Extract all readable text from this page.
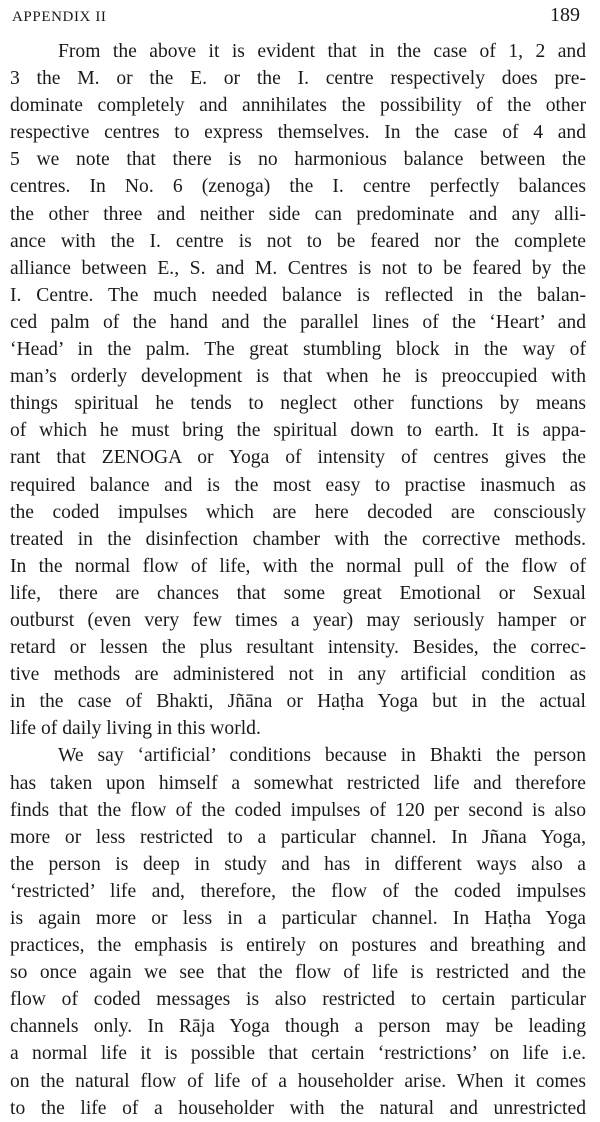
APPENDIX II	189
From the above it is evident that in the case of 1, 2 and
3 the M. or the E. or the I. centre respectively does pre-
dominate completely and annihilates the possibility of the other
respective centres to express themselves. In the case of 4 and
5 we note that there is no harmonious balance between the
centres. In No. 6 (zenoga) the I. centre perfectly balances
the other three and neither side can predominate and any alli-
ance with the I. centre is not to be feared nor the complete
alliance between E., S. and M. Centres is not to be feared by the
I. Centre. The much needed balance is reflected in the balan-
ced palm of the hand and the parallel lines of the ‘Heart’ and
‘Head’ in the palm. The great stumbling block in the way of
man’s orderly development is that when he is preoccupied with
things spiritual he tends to neglect other functions by means
of which he must bring the spiritual down to earth. It is appa-
rant that ZENOGA or Yoga of intensity of centres gives the
required balance and is the most easy to practise inasmuch as
the coded impulses which are here decoded are consciously
treated in the disinfection chamber with the corrective methods.
In the normal flow of life, with the normal pull of the flow of
life, there are chances that some great Emotional or Sexual
outburst (even very few times a year) may seriously hamper or
retard or lessen the plus resultant intensity. Besides, the correc-
tive methods are administered not in any artificial condition as
in the case of Bhakti, Jñāna or Haṭha Yoga but in the actual
life of daily living in this world.
We say ‘artificial’ conditions because in Bhakti the person
has taken upon himself a somewhat restricted life and therefore
finds that the flow of the coded impulses of 120 per second is also
more or less restricted to a particular channel. In Jñana Yoga,
the person is deep in study and has in different ways also a
‘restricted’ life and, therefore, the flow of the coded impulses
is again more or less in a particular channel. In Haṭha Yoga
practices, the emphasis is entirely on postures and breathing and
so once again we see that the flow of life is restricted and the
flow of coded messages is also restricted to certain particular
channels only. In Rāja Yoga though a person may be leading
a normal life it is possible that certain ‘restrictions’ on life i.e.
on the natural flow of life of a householder arise. When it comes
to the life of a householder with the natural and unrestricted
